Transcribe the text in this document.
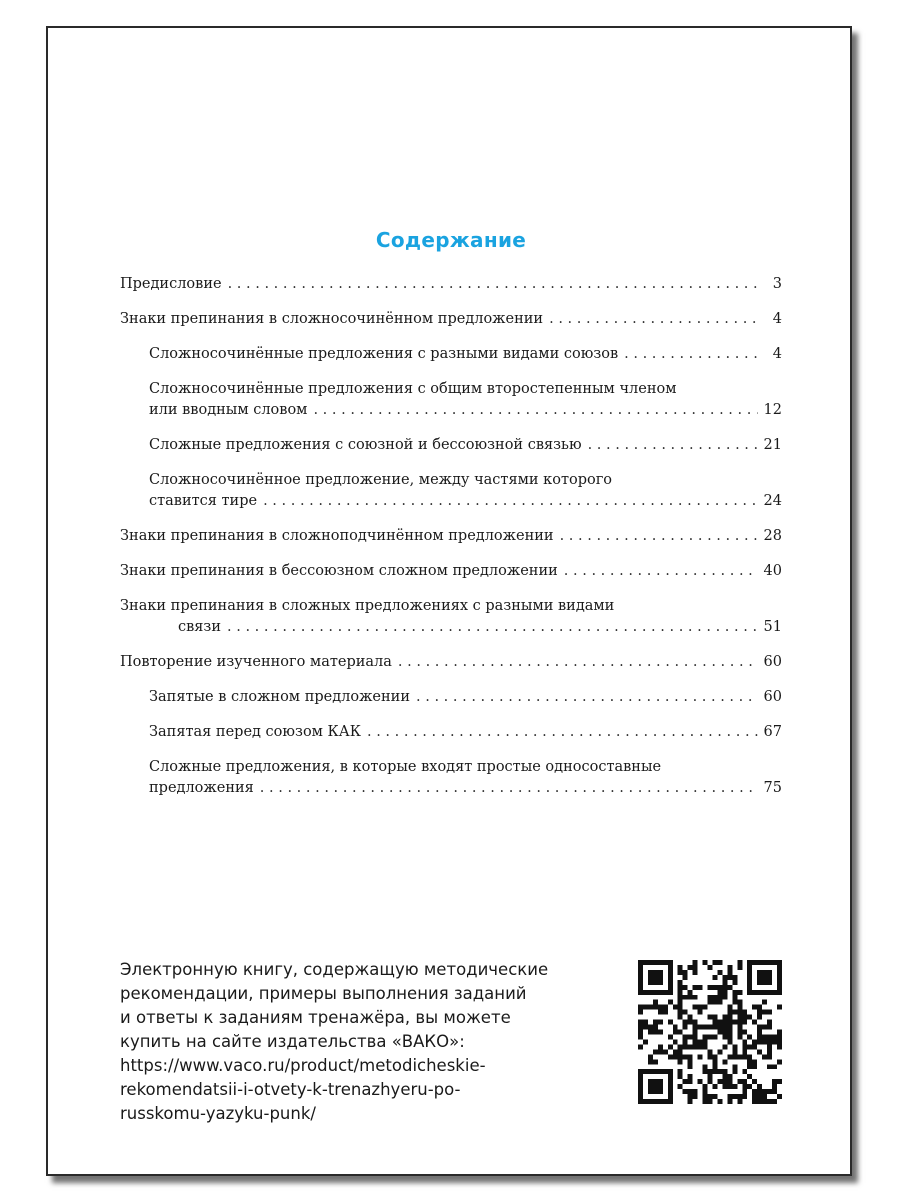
Содержание
Предисловие . . .	3
Знаки препинания в сложносочинённом предложении . . .	4
Сложносочинённые предложения с разными видами союзов . . .	4
Сложносочинённые предложения с общим второстепенным членом
или вводным словом . . .	12
Сложные предложения с союзной и бессоюзной связью . . .	21
Сложносочинённое предложение, между частями которого
ставится тире . . .	24
Знаки препинания в сложноподчинённом предложении . . .	28
Знаки препинания в бессоюзном сложном предложении . . .	40
Знаки препинания в сложных предложениях с разными видами
связи . . .	51
Повторение изученного материала . . .	60
Запятые в сложном предложении . . .	60
Запятая перед союзом КАК . . .	67
Сложные предложения, в которые входят простые односоставные
предложения . . .	75
Электронную книгу, содержащую методические
рекомендации, примеры выполнения заданий
и ответы к заданиям тренажёра, вы можете
купить на сайте издательства «ВАКО»:
https://www.vaco.ru/product/metodicheskie-
rekomendatsii-i-otvety-k-trenazhyeru-po-
russkomu-yazyku-punk/
